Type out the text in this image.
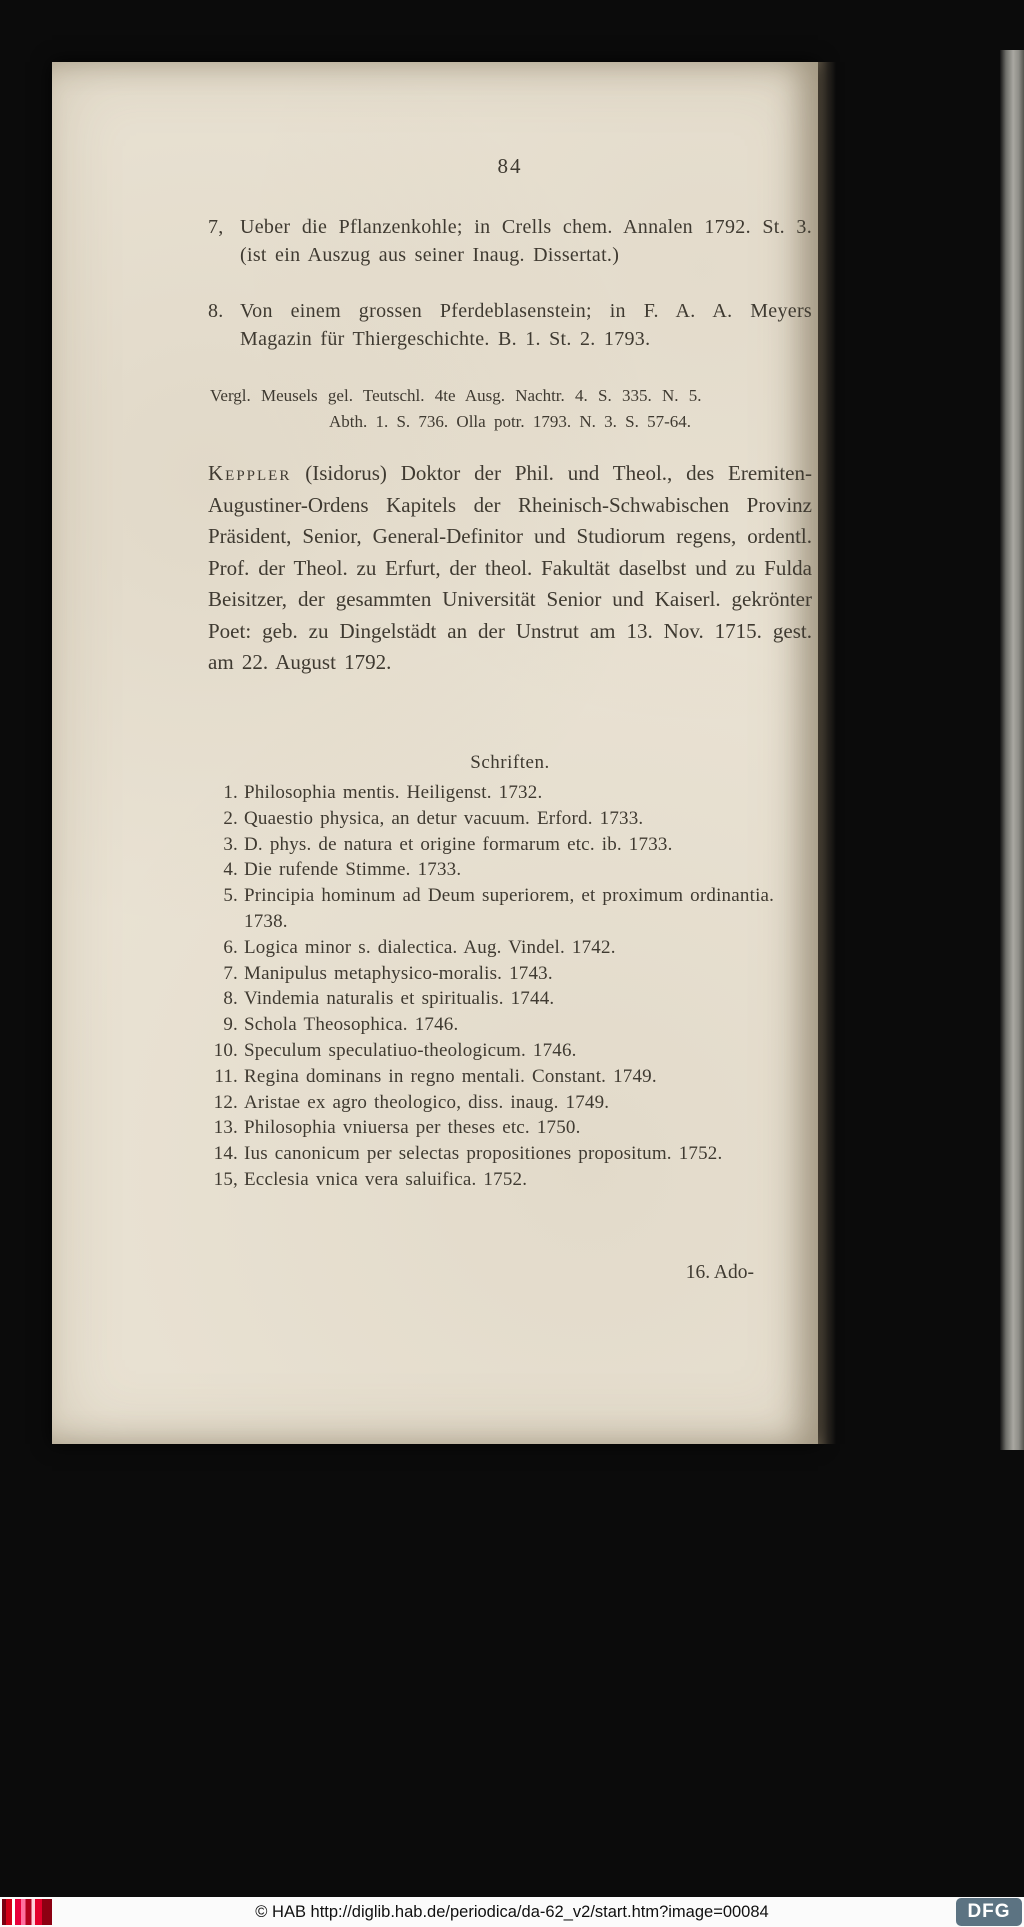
84
7, Ueber die Pflanzenkohle; in Crells chem. Annalen 1792. St. 3. (ist ein Auszug aus seiner Inaug. Dissertat.)
8. Von einem grossen Pferdeblasenstein; in F. A. A. Meyers Magazin für Thiergeschichte. B. 1. St. 2. 1793.
Vergl. Meusels gel. Teutschl. 4te Ausg. Nachtr. 4. S. 335. N. 5.
Abth. 1. S. 736. Olla potr. 1793. N. 3. S. 57-64.

Keppler (Isidorus) Doktor der Phil. und Theol., des Eremiten-Augustiner-Ordens Kapitels der Rheinisch-Schwabischen Provinz Präsident, Senior, General-Definitor und Studiorum regens, ordentl. Prof. der Theol. zu Erfurt, der theol. Fakultät daselbst und zu Fulda Beisitzer, der gesammten Universität Senior und Kaiserl. gekrönter Poet: geb. zu Dingelstädt an der Unstrut am 13. Nov. 1715. gest. am 22. August 1792.

Schriften.
1. Philosophia mentis. Heiligenst. 1732.
2. Quaestio physica, an detur vacuum. Erford. 1733.
3. D. phys. de natura et origine formarum etc. ib. 1733.
4. Die rufende Stimme. 1733.
5. Principia hominum ad Deum superiorem, et proximum ordinantia. 1738.
6. Logica minor s. dialectica. Aug. Vindel. 1742.
7. Manipulus metaphysico-moralis. 1743.
8. Vindemia naturalis et spiritualis. 1744.
9. Schola Theosophica. 1746.
10. Speculum speculatiuo-theologicum. 1746.
11. Regina dominans in regno mentali. Constant. 1749.
12. Aristae ex agro theologico, diss. inaug. 1749.
13. Philosophia vniuersa per theses etc. 1750.
14. Ius canonicum per selectas propositiones propositum. 1752.
15, Ecclesia vnica vera saluifica. 1752.
16. Ado-
© HAB http://diglib.hab.de/periodica/da-62_v2/start.htm?image=00084	DFG
